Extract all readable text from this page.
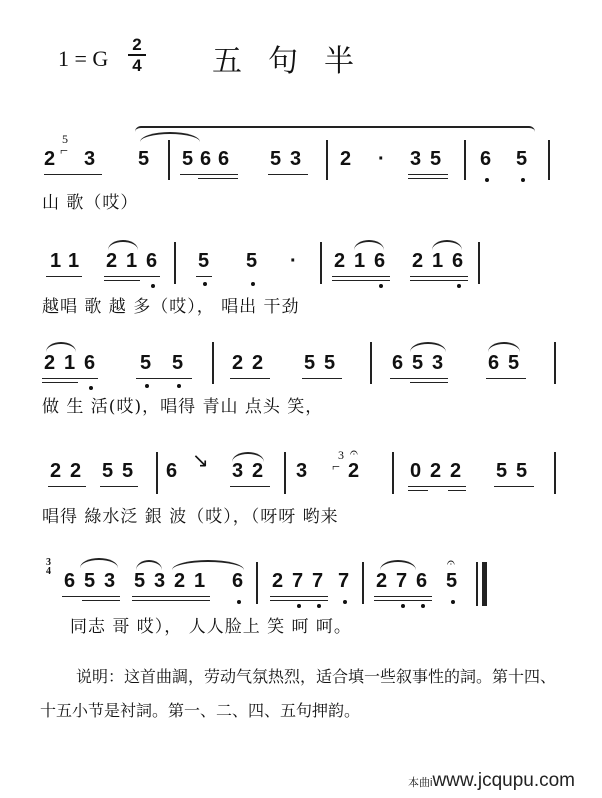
1 = G
2
4 五句半
2
5
⌐ 3 5 5 6 6 5 3 2 · 3 5 6 5
山 歌（哎）
1 1 2 1 6 5 5 · 2 1 6 2 1 6
越唱 歌 越 多（哎）， 唱出 干劲
2 1 6 5 5 2 2 5 5	6 5 3 6 5
做 生 活(哎)，唱得 青山 点头 笑，
2 2 5 5 6 ↘ 3 2 3
3
⌐ 2
𝄐
0 2 2 5 5
唱得 綠水泛 銀 波（哎），（呀呀 哟来
3
4 6 5 3 5 3 2 1 6 2 7 7 7 2 7 6 5
𝄐
同志 哥 哎）， 人人脸上 笑 呵 呵。
说明：这首曲調，劳动气氛热烈，适合填一些叙事性的詞。第十四、十五小节是衬詞。第一、二、四、五句押韵。
本曲iwww.jcqupu.com
